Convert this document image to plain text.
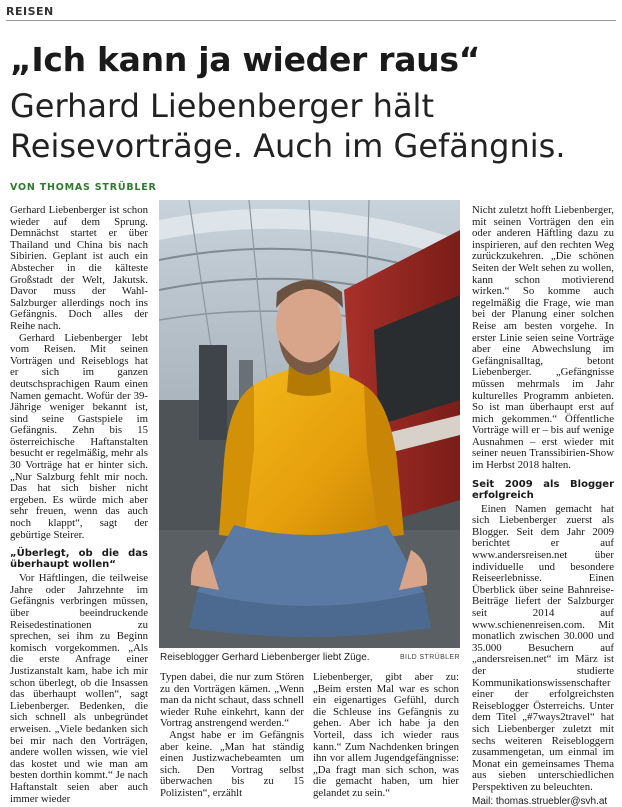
REISEN
„Ich kann ja wieder raus“
Gerhard Liebenberger hält
Reisevorträge. Auch im Gefängnis.
VON THOMAS STRÜBLER

Gerhard Liebenberger ist schon wieder auf dem Sprung. Demnächst startet er über Thailand und China bis nach Sibirien. Geplant ist auch ein Abstecher in die kälteste Großstadt der Welt, Jakutsk. Davor muss der Wahl-Salzburger allerdings noch ins Gefängnis. Doch alles der Reihe nach.

Gerhard Liebenberger lebt vom Reisen. Mit seinen Vorträgen und Reiseblogs hat er sich im ganzen deutschsprachigen Raum einen Namen gemacht. Wofür der 39-Jährige weniger bekannt ist, sind seine Gastspiele im Gefängnis. Zehn bis 15 österreichische Haftanstalten besucht er regelmäßig, mehr als 30 Vorträge hat er hinter sich. „Nur Salzburg fehlt mir noch. Das hat sich bisher nicht ergeben. Es würde mich aber sehr freuen, wenn das auch noch klappt“, sagt der gebürtige Steirer.

„Überlegt, ob die das überhaupt wollen“

Vor Häftlingen, die teilweise Jahre oder Jahrzehnte im Gefängnis verbringen müssen, über beeindruckende Reisedestinationen zu sprechen, sei ihm zu Beginn komisch vorgekommen. „Als die erste Anfrage einer Justizanstalt kam, habe ich mir schon überlegt, ob die Insassen das überhaupt wollen“, sagt Liebenberger. Bedenken, die sich schnell als unbegründet erweisen. „Viele bedanken sich bei mir nach den Vorträgen, andere wollen wissen, wie viel das kostet und wie man am besten dorthin kommt.“ Je nach Haftanstalt seien aber auch immer wieder

Reiseblogger Gerhard Liebenberger liebt Züge.	BILD STRÜBLER

Typen dabei, die nur zum Stören zu den Vorträgen kämen. „Wenn man da nicht schaut, dass schnell wieder Ruhe einkehrt, kann der Vortrag anstrengend werden.“

Angst habe er im Gefängnis aber keine. „Man hat ständig einen Justizwachebeamten um sich. Den Vortrag selbst überwachen bis zu 15 Polizisten“, erzählt

Liebenberger, gibt aber zu: „Beim ersten Mal war es schon ein eigenartiges Gefühl, durch die Schleuse ins Gefängnis zu gehen. Aber ich habe ja den Vorteil, dass ich wieder raus kann.“ Zum Nachdenken bringen ihn vor allem Jugendgefängnisse: „Da fragt man sich schon, was die gemacht haben, um hier gelandet zu sein.“

Nicht zuletzt hofft Liebenberger, mit seinen Vorträgen den ein oder anderen Häftling dazu zu inspirieren, auf den rechten Weg zurückzukehren. „Die schönen Seiten der Welt sehen zu wollen, kann schon motivierend wirken.“ So komme auch regelmäßig die Frage, wie man bei der Planung einer solchen Reise am besten vorgehe. In erster Linie seien seine Vorträge aber eine Abwechslung im Gefängnisalltag, betont Liebenberger. „Gefängnisse müssen mehrmals im Jahr kulturelles Programm anbieten. So ist man überhaupt erst auf mich gekommen.“ Öffentliche Vorträge will er – bis auf wenige Ausnahmen – erst wieder mit seiner neuen Transsibirien-Show im Herbst 2018 halten.

Seit 2009 als Blogger erfolgreich

Einen Namen gemacht hat sich Liebenberger zuerst als Blogger. Seit dem Jahr 2009 berichtet er auf www.andersreisen.net über individuelle und besondere Reiseerlebnisse. Einen Überblick über seine Bahnreise-Beiträge liefert der Salzburger seit 2014 auf www.schienenreisen.com. Mit monatlich zwischen 30.000 und 35.000 Besuchern auf „andersreisen.net“ im März ist der studierte Kommunikationswissenschafter einer der erfolgreichsten Reiseblogger Österreichs. Unter dem Titel „#7ways2travel“ hat sich Liebenberger zuletzt mit sechs weiteren Reisebloggern zusammengetan, um einmal im Monat ein gemeinsames Thema aus sieben unterschiedlichen Perspektiven zu beleuchten.

Mail: thomas.struebler@svh.at
